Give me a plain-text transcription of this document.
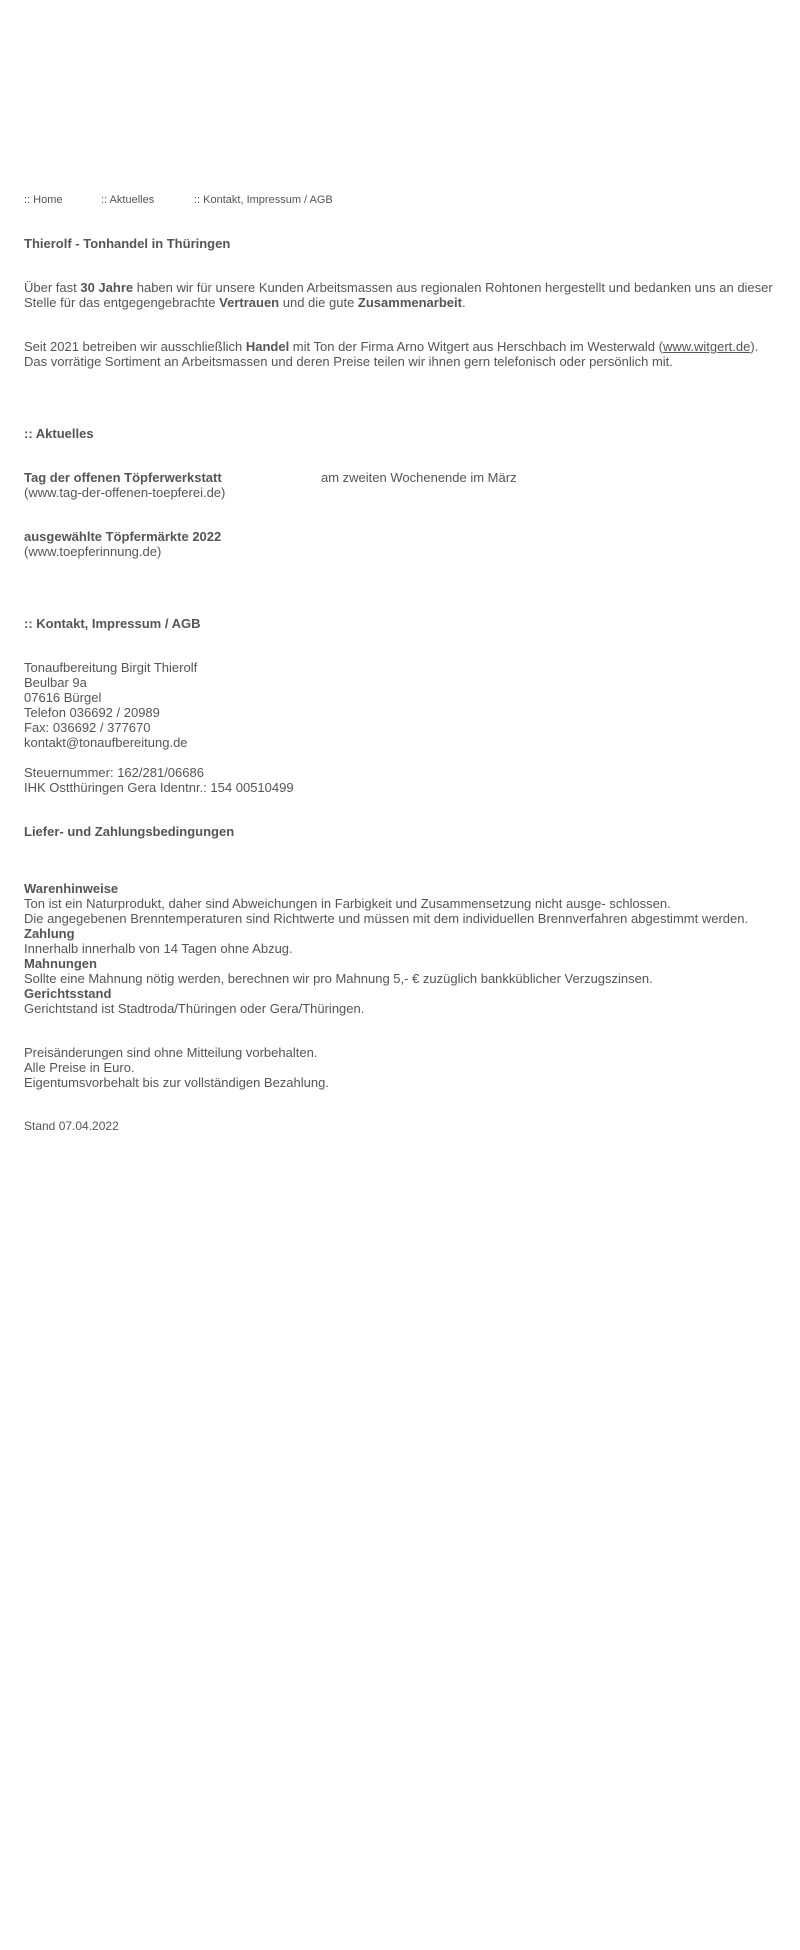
:: Home	:: Aktuelles	:: Kontakt, Impressum / AGB

Thierolf - Tonhandel in Thüringen

Über fast 30 Jahre haben wir für unsere Kunden Arbeitsmassen aus regionalen Rohtonen hergestellt und bedanken uns an dieser Stelle für das entgegengebrachte Vertrauen und die gute Zusammenarbeit.

Seit 2021 betreiben wir ausschließlich Handel mit Ton der Firma Arno Witgert aus Herschbach im Westerwald (www.witgert.de).

Das vorrätige Sortiment an Arbeitsmassen und deren Preise teilen wir ihnen gern telefonisch oder persönlich mit.

:: Aktuelles

Tag der offenen Töpferwerkstatt	am zweiten Wochenende im März

(www.tag-der-offenen-toepferei.de)

ausgewählte Töpfermärkte 2022

(www.toepferinnung.de)

:: Kontakt, Impressum / AGB

Tonaufbereitung Birgit Thierolf

Beulbar 9a

07616 Bürgel

Telefon 036692 / 20989

Fax: 036692 / 377670

kontakt@tonaufbereitung.de

Steuernummer: 162/281/06686

IHK Ostthüringen Gera Identnr.: 154 00510499

Liefer- und Zahlungsbedingungen

Warenhinweise

Ton ist ein Naturprodukt, daher sind Abweichungen in Farbigkeit und Zusammensetzung nicht ausge- schlossen.

Die angegebenen Brenntemperaturen sind Richtwerte und müssen mit dem individuellen Brennverfahren abgestimmt werden.

Zahlung

Innerhalb innerhalb von 14 Tagen ohne Abzug.

Mahnungen

Sollte eine Mahnung nötig werden, berechnen wir pro Mahnung 5,- € zuzüglich bankküblicher Verzugszinsen.

Gerichtsstand

Gerichtstand ist Stadtroda/Thüringen oder Gera/Thüringen.

Preisänderungen sind ohne Mitteilung vorbehalten.

Alle Preise in Euro.

Eigentumsvorbehalt bis zur vollständigen Bezahlung.

Stand 07.04.2022
